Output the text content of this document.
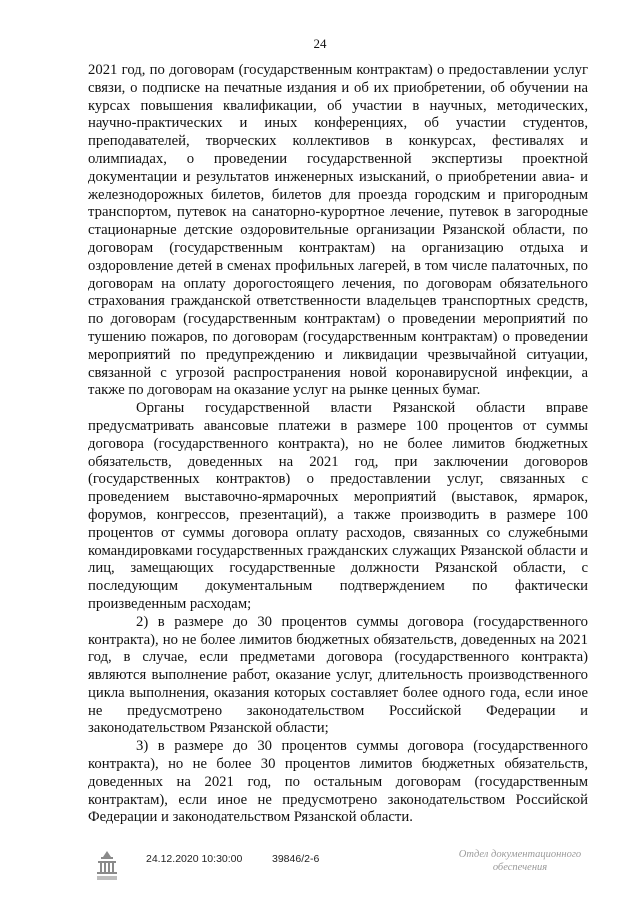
24

2021 год, по договорам (государственным контрактам) о предоставлении услуг связи, о подписке на печатные издания и об их приобретении, об обучении на курсах повышения квалификации, об участии в научных, методических, научно-практических и иных конференциях, об участии студентов, преподавателей, творческих коллективов в конкурсах, фестивалях и олимпиадах, о проведении государственной экспертизы проектной документации и результатов инженерных изысканий, о приобретении авиа- и железнодорожных билетов, билетов для проезда городским и пригородным транспортом, путевок на санаторно-курортное лечение, путевок в загородные стационарные детские оздоровительные организации Рязанской области, по договорам (государственным контрактам) на организацию отдыха и оздоровление детей в сменах профильных лагерей, в том числе палаточных, по договорам на оплату дорогостоящего лечения, по договорам обязательного страхования гражданской ответственности владельцев транспортных средств, по договорам (государственным контрактам) о проведении мероприятий по тушению пожаров, по договорам (государственным контрактам) о проведении мероприятий по предупреждению и ликвидации чрезвычайной ситуации, связанной с угрозой распространения новой коронавирусной инфекции, а также по договорам на оказание услуг на рынке ценных бумаг.

Органы государственной власти Рязанской области вправе предусматривать авансовые платежи в размере 100 процентов от суммы договора (государственного контракта), но не более лимитов бюджетных обязательств, доведенных на 2021 год, при заключении договоров (государственных контрактов) о предоставлении услуг, связанных с проведением выставочно-ярмарочных мероприятий (выставок, ярмарок, форумов, конгрессов, презентаций), а также производить в размере 100 процентов от суммы договора оплату расходов, связанных со служебными командировками государственных гражданских служащих Рязанской области и лиц, замещающих государственные должности Рязанской области, с последующим документальным подтверждением по фактически произведенным расходам;

2) в размере до 30 процентов суммы договора (государственного контракта), но не более лимитов бюджетных обязательств, доведенных на 2021 год, в случае, если предметами договора (государственного контракта) являются выполнение работ, оказание услуг, длительность производственного цикла выполнения, оказания которых составляет более одного года, если иное не предусмотрено законодательством Российской Федерации и законодательством Рязанской области;

3) в размере до 30 процентов суммы договора (государственного контракта), но не более 30 процентов лимитов бюджетных обязательств, доведенных на 2021 год, по остальным договорам (государственным контрактам), если иное не предусмотрено законодательством Российской Федерации и законодательством Рязанской области.

24.12.2020 10:30:00	39846/2-6	Отдел документационного
обеспечения
